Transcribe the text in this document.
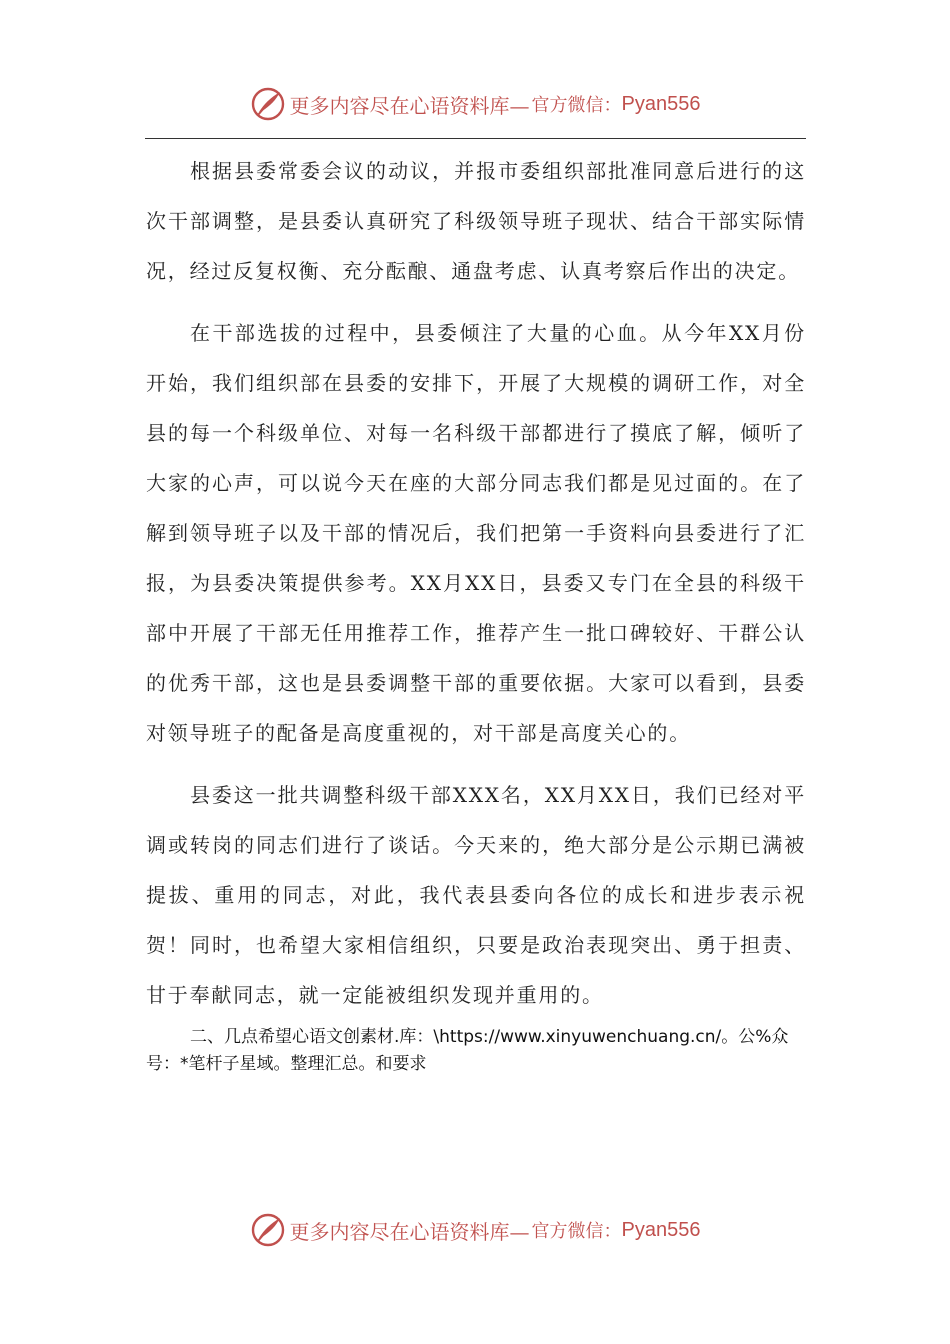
更多内容尽在心语资料库— 官方微信： Pyan556

根据县委常委会议的动议，并报市委组织部批准同意后进行的这次干部调整，是县委认真研究了科级领导班子现状、结合干部实际情况，经过反复权衡、充分酝酿、通盘考虑、认真考察后作出的决定。

在干部选拔的过程中，县委倾注了大量的心血。从今年XX月份开始，我们组织部在县委的安排下，开展了大规模的调研工作，对全县的每一个科级单位、对每一名科级干部都进行了摸底了解，倾听了大家的心声，可以说今天在座的大部分同志我们都是见过面的。在了解到领导班子以及干部的情况后，我们把第一手资料向县委进行了汇报，为县委决策提供参考。XX月XX日，县委又专门在全县的科级干部中开展了干部无任用推荐工作，推荐产生一批口碑较好、干群公认的优秀干部，这也是县委调整干部的重要依据。大家可以看到，县委对领导班子的配备是高度重视的，对干部是高度关心的。

县委这一批共调整科级干部XXX名，XX月XX日，我们已经对平调或转岗的同志们进行了谈话。今天来的，绝大部分是公示期已满被提拔、重用的同志，对此，我代表县委向各位的成长和进步表示祝贺！同时，也希望大家相信组织，只要是政治表现突出、勇于担责、甘于奉献同志，就一定能被组织发现并重用的。

二、几点希望心语文创素材.库：\https://www.xinyuwenchuang.cn/。公%众号：*笔杆子星域。整理汇总。和要求

更多内容尽在心语资料库— 官方微信： Pyan556
